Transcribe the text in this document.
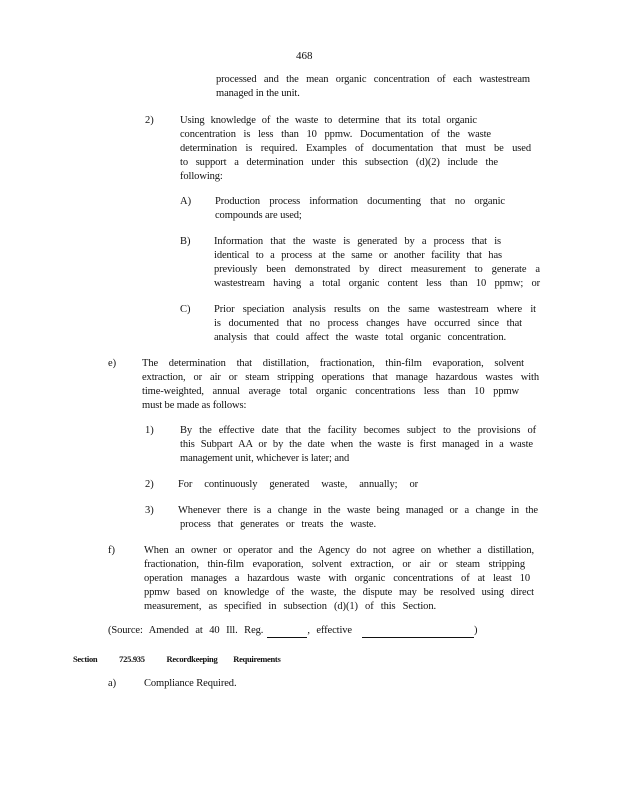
468
processed and the mean organic concentration of each wastestream
managed in the unit.
2)	Using knowledge of the waste to determine that its total organic
concentration is less than 10 ppmw. Documentation of the waste
determination is required. Examples of documentation that must be used
to support a determination under this subsection (d)(2) include the
following:
A) Production process information documenting that no organic
compounds are used;
B) Information that the waste is generated by a process that is
identical to a process at the same or another facility that has
previously been demonstrated by direct measurement to generate a
wastestream having a total organic content less than 10 ppmw; or
C) Prior speciation analysis results on the same wastestream where it
is documented that no process changes have occurred since that
analysis that could affect the waste total organic concentration.
e) The determination that distillation, fractionation, thin-film evaporation, solvent
extraction, or air or steam stripping operations that manage hazardous wastes with
time-weighted, annual average total organic concentrations less than 10 ppmw
must be made as follows:
1)	By the effective date that the facility becomes subject to the provisions of
this Subpart AA or by the date when the waste is first managed in a waste
management unit, whichever is later; and
2) For continuously generated waste, annually; or
3) Whenever there is a change in the waste being managed or a change in the
process that generates or treats the waste.
f)	When an owner or operator and the Agency do not agree on whether a distillation,
fractionation, thin-film evaporation, solvent extraction, or air or steam stripping
operation manages a hazardous waste with organic concentrations of at least 10
ppmw based on knowledge of the waste, the dispute may be resolved using direct
measurement, as specified in subsection (d)(1) of this Section.
(Source: Amended at 40 Ill. Reg.	, effective	)
Section	725.935	Recordkeeping Requirements
a)	Compliance Required.
